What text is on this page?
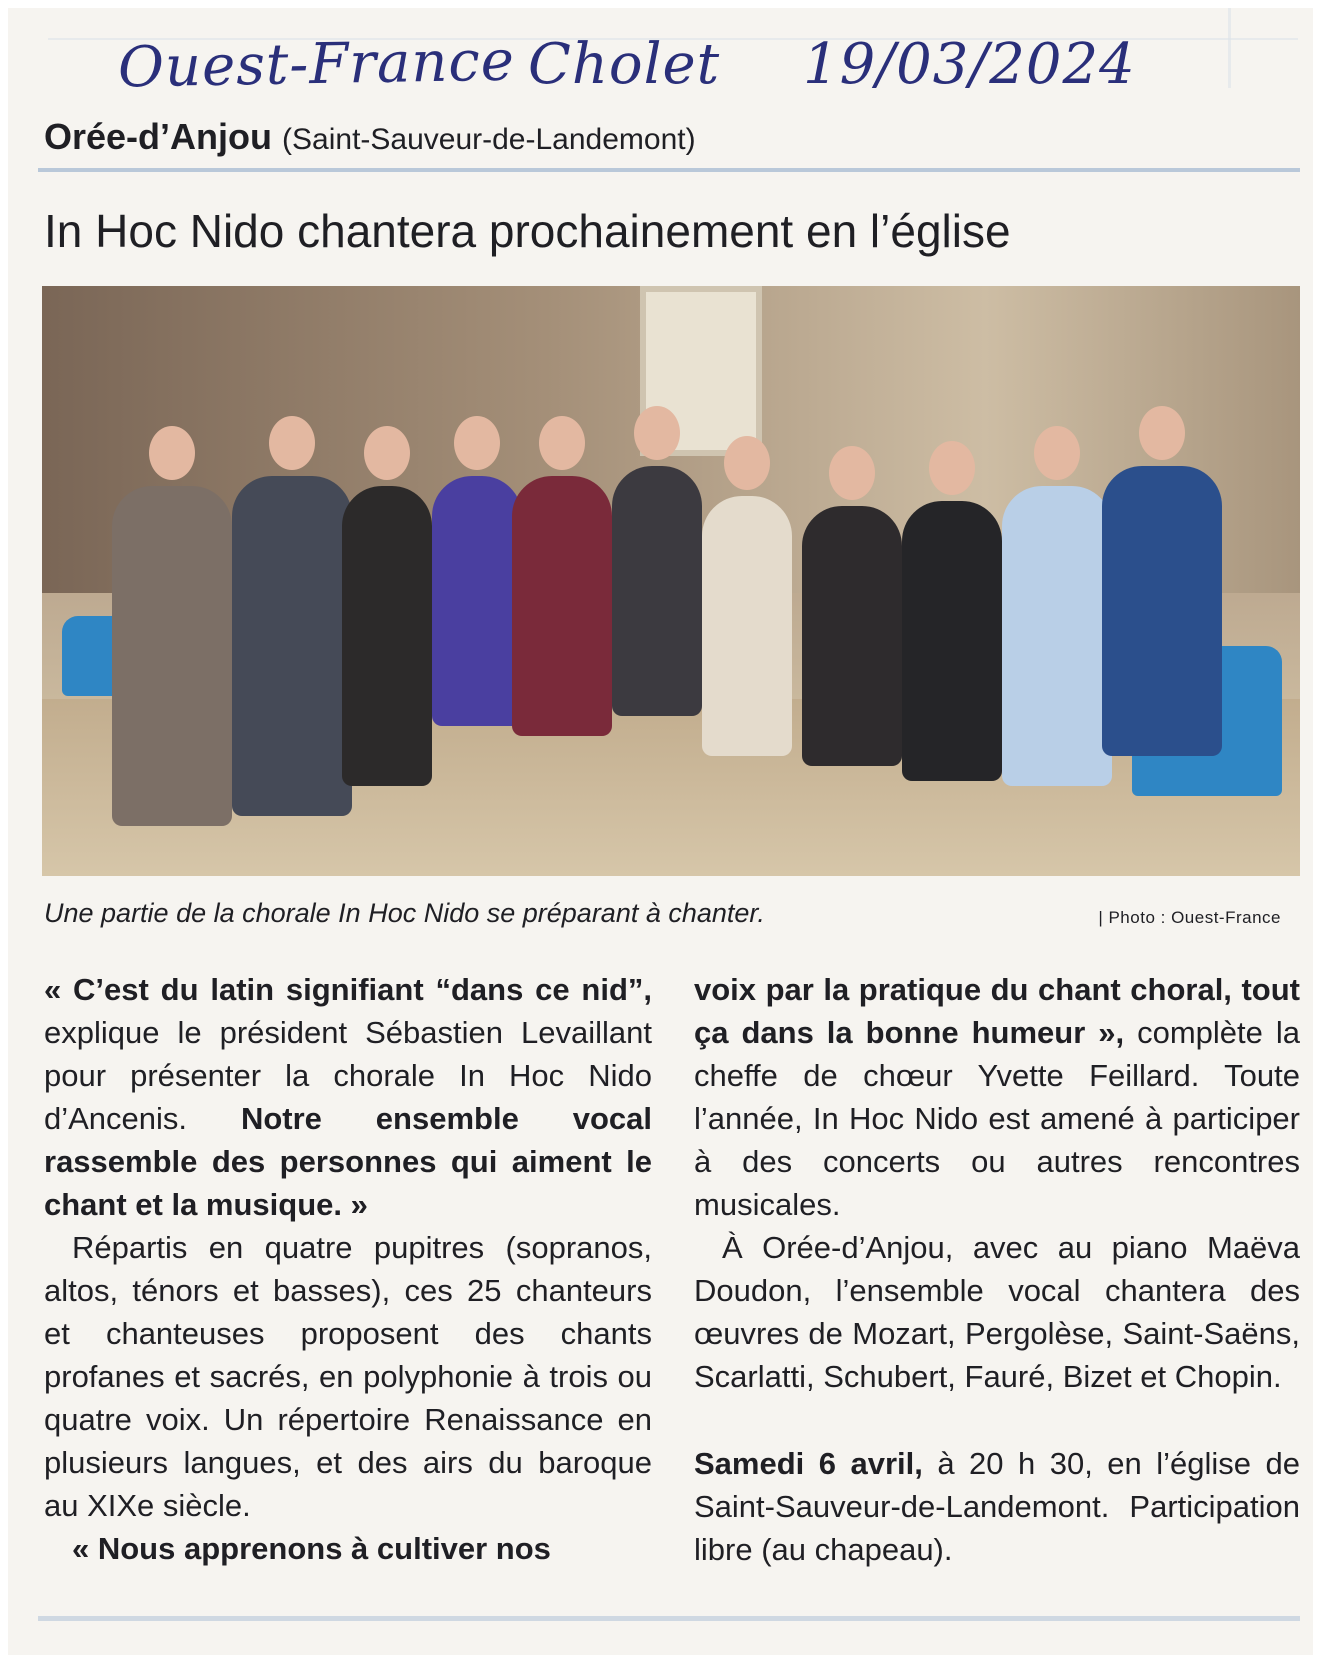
Ouest-France Cholet 19/03/2024
Orée-d’Anjou (Saint-Sauveur-de-Landemont)
In Hoc Nido chantera prochainement en l’église
Une partie de la chorale In Hoc Nido se préparant à chanter.	| Photo : Ouest-France

« C’est du latin signifiant “dans ce nid”, explique le président Sébastien Levaillant pour présenter la chorale In Hoc Nido d’Ancenis. Notre ensemble vocal rassemble des personnes qui aiment le chant et la musique. »

Répartis en quatre pupitres (sopranos, altos, ténors et basses), ces 25 chanteurs et chanteuses proposent des chants profanes et sacrés, en polyphonie à trois ou quatre voix. Un répertoire Renaissance en plusieurs langues, et des airs du baroque au XIXe siècle.

« Nous apprenons à cultiver nos

voix par la pratique du chant choral, tout ça dans la bonne humeur », complète la cheffe de chœur Yvette Feillard. Toute l’année, In Hoc Nido est amené à participer à des concerts ou autres rencontres musicales.

À Orée-d’Anjou, avec au piano Maëva Doudon, l’ensemble vocal chantera des œuvres de Mozart, Pergolèse, Saint-Saëns, Scarlatti, Schubert, Fauré, Bizet et Chopin.

Samedi 6 avril, à 20 h 30, en l’église de Saint-Sauveur-de-Landemont. Participation libre (au chapeau).
